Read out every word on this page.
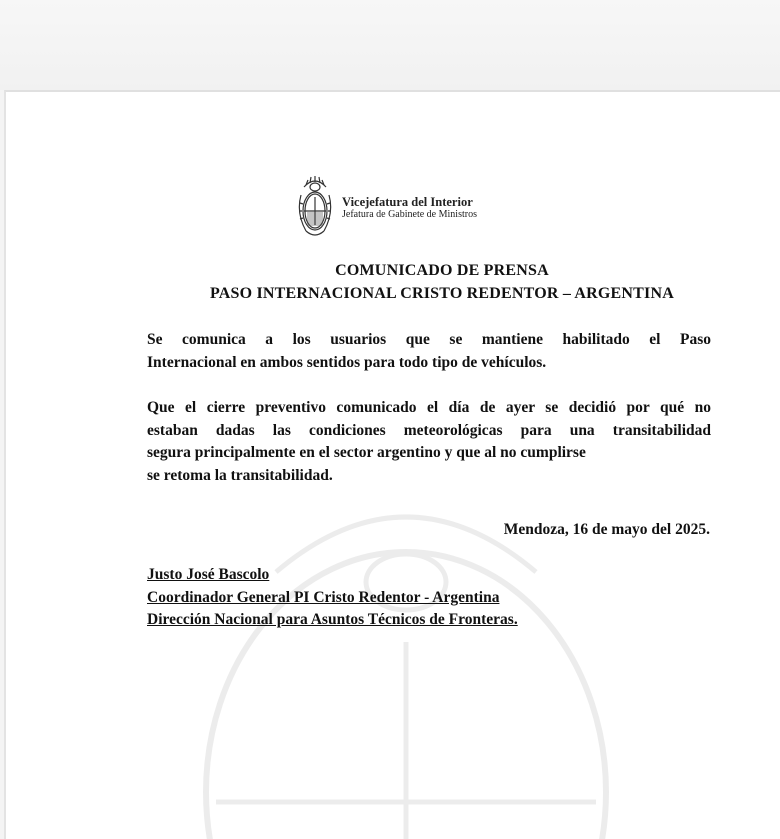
Vicejefatura del Interior
Jefatura de Gabinete de Ministros
COMUNICADO DE PRENSA
PASO INTERNACIONAL CRISTO REDENTOR – ARGENTINA
Se comunica a los usuarios que se mantiene habilitado el Paso
Internacional en ambos sentidos para todo tipo de vehículos.
Que el cierre preventivo comunicado el día de ayer se decidió por qué no
estaban dadas las condiciones meteorológicas para una transitabilidad
segura principalmente en el sector argentino y que al no cumplirse
se retoma la transitabilidad.
Mendoza, 16 de mayo del 2025.
Justo José Bascolo
Coordinador General PI Cristo Redentor - Argentina
Dirección Nacional para Asuntos Técnicos de Fronteras.
